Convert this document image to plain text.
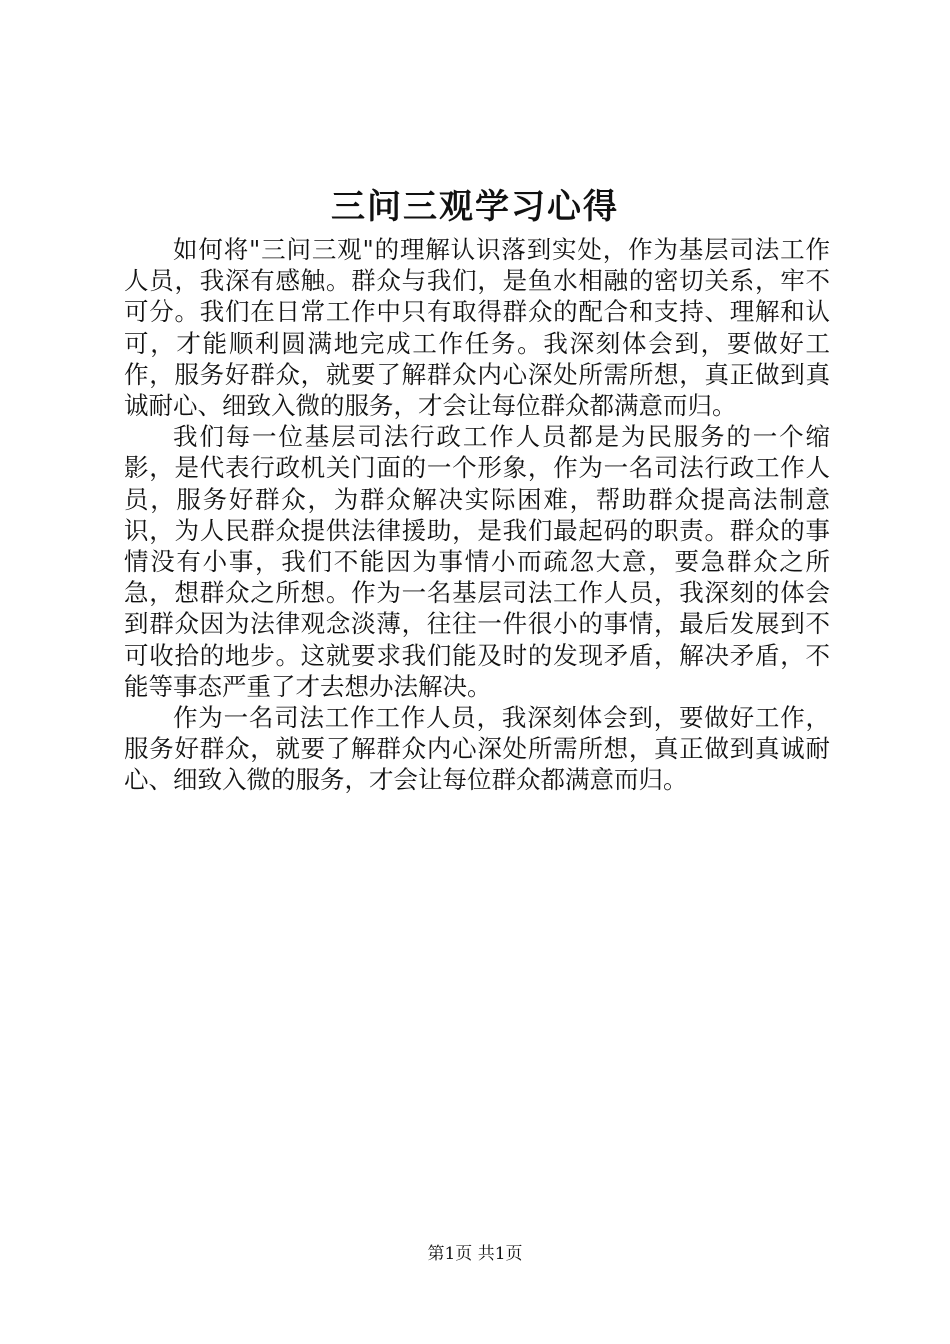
三问三观学习心得

如何将"三问三观"的理解认识落到实处，作为基层司法工作人员，我深有感触。群众与我们，是鱼水相融的密切关系，牢不可分。我们在日常工作中只有取得群众的配合和支持、理解和认可，才能顺利圆满地完成工作任务。我深刻体会到，要做好工作，服务好群众，就要了解群众内心深处所需所想，真正做到真诚耐心、细致入微的服务，才会让每位群众都满意而归。

我们每一位基层司法行政工作人员都是为民服务的一个缩影，是代表行政机关门面的一个形象，作为一名司法行政工作人员，服务好群众，为群众解决实际困难，帮助群众提高法制意识，为人民群众提供法律援助，是我们最起码的职责。群众的事情没有小事，我们不能因为事情小而疏忽大意，要急群众之所急，想群众之所想。作为一名基层司法工作人员，我深刻的体会到群众因为法律观念淡薄，往往一件很小的事情，最后发展到不可收拾的地步。这就要求我们能及时的发现矛盾，解决矛盾，不能等事态严重了才去想办法解决。

作为一名司法工作工作人员，我深刻体会到，要做好工作，服务好群众，就要了解群众内心深处所需所想，真正做到真诚耐心、细致入微的服务，才会让每位群众都满意而归。

第1页 共1页
